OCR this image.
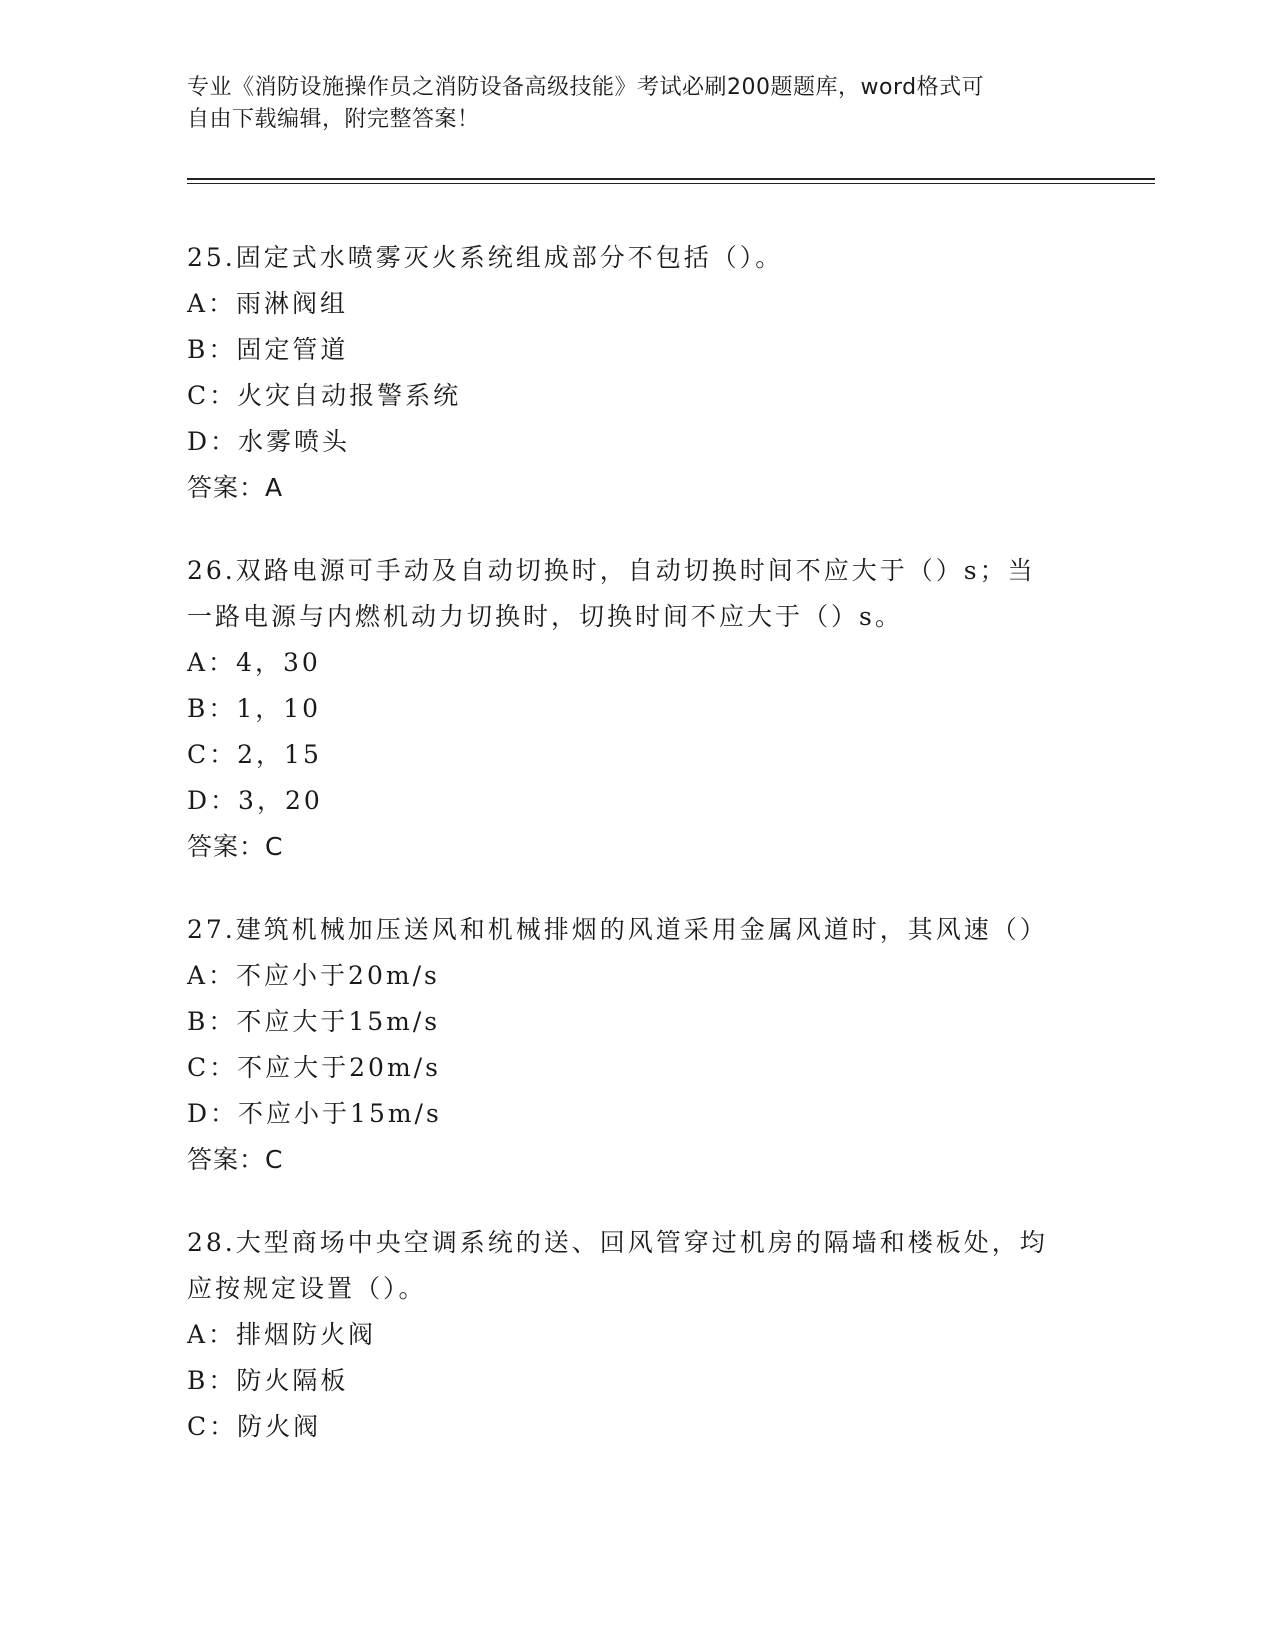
专业《消防设施操作员之消防设备高级技能》考试必刷200题题库，word格式可
自由下载编辑，附完整答案！
25.固定式水喷雾灭火系统组成部分不包括（）。
A：雨淋阀组
B：固定管道
C：火灾自动报警系统
D：水雾喷头
答案：A
26.双路电源可手动及自动切换时，自动切换时间不应大于（）s；当
一路电源与内燃机动力切换时，切换时间不应大于（）s。
A：4，30
B：1，10
C：2，15
D：3，20
答案：C
27.建筑机械加压送风和机械排烟的风道采用金属风道时，其风速（）
A：不应小于20m/s
B：不应大于15m/s
C：不应大于20m/s
D：不应小于15m/s
答案：C
28.大型商场中央空调系统的送、回风管穿过机房的隔墙和楼板处，均
应按规定设置（）。
A：排烟防火阀
B：防火隔板
C：防火阀
